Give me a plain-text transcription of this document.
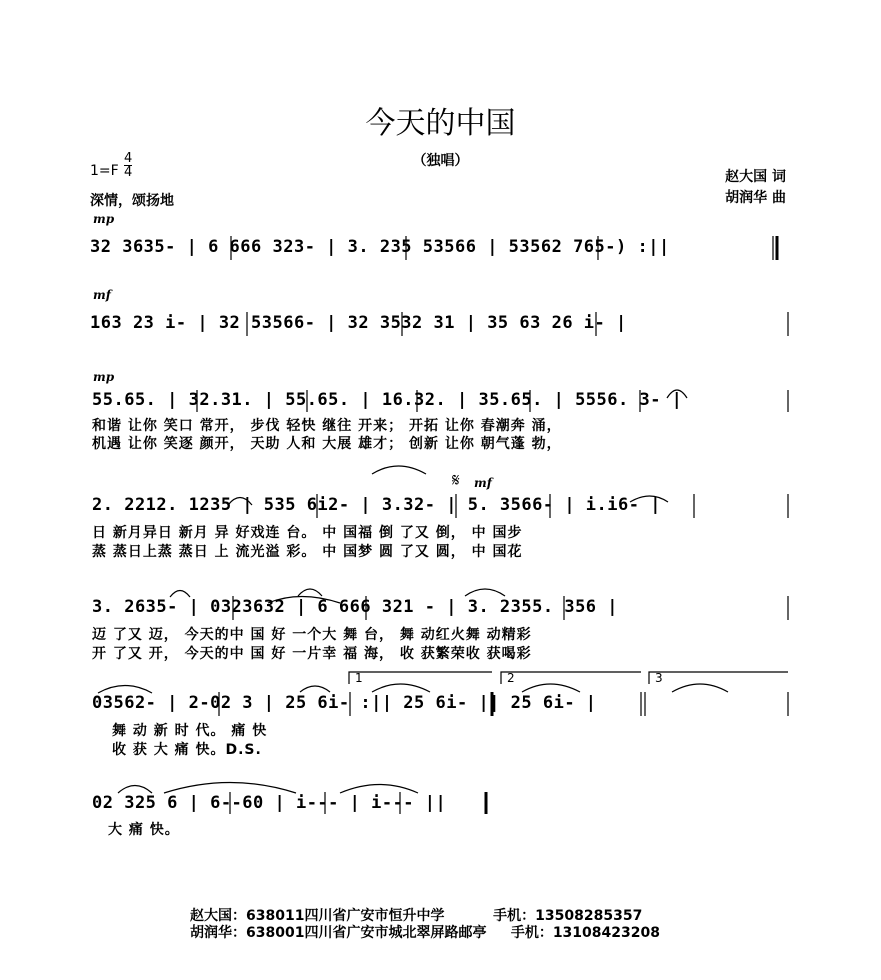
今天的中国
（独唱）
1=F
4
4
深情，颂扬地
赵大国 词
胡润华 曲
mp
mf
mp
𝄋 mf
32 3635- | 6 666 323- | 3. 235 53566 | 53562 765-) :||
163 23 i- | 32 53566- | 32 3532 31 | 35 63 26 i- |
55.65. | 32.31. | 55.65. | 16.32. | 35.65. | 5556. 3- |
和谐 让你 笑口 常开， 步伐 轻快 继往 开来； 开拓 让你 春潮奔 涌，
机遇 让你 笑逐 颜开， 天助 人和 大展 雄才； 创新 让你 朝气蓬 勃，
2. 2212. 1235 | 535 6i2- | 3.32- | 5. 3566- | i.i6- |
日 新月异日 新月 异 好戏连 台。 中 国福 倒 了又 倒， 中 国步
蒸 蒸日上蒸 蒸日 上 流光溢 彩。 中 国梦 圆 了又 圆， 中 国花
3. 2635- | 0323632 | 6 666 321 - | 3. 2355. 356 |
迈 了又 迈， 今天的中 国 好 一个大 舞 台， 舞 动红火舞 动精彩
开 了又 开， 今天的中 国 好 一片幸 福 海， 收 获繁荣收 获喝彩
1	2	3
03562- | 2-02 3 | 25 6i- :|| 25 6i- || 25 6i- |
舞 动 新 时 代。 痛 快
收 获 大 痛 快。D.S.
02 325 6 | 6--60 | i--- | i--- ||
大 痛 快。
赵大国：638011四川省广安市恒升中学          手机：13508285357
胡润华：638001四川省广安市城北翠屏路邮亭     手机：13108423208
